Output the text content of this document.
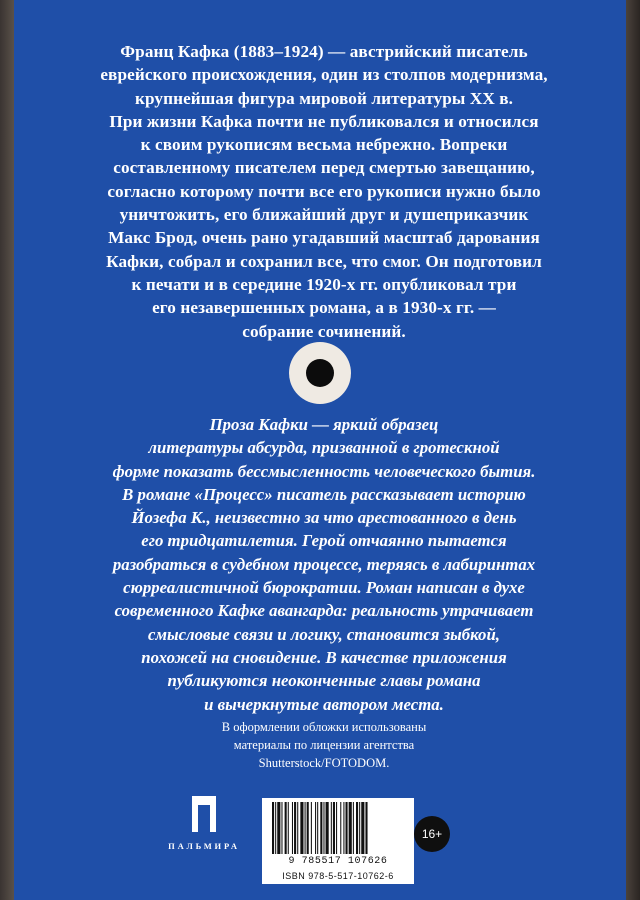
Франц Кафка (1883–1924) — австрийский писатель
еврейского происхождения, один из столпов модернизма,
крупнейшая фигура мировой литературы XX в.
При жизни Кафка почти не публиковался и относился
к своим рукописям весьма небрежно. Вопреки
составленному писателем перед смертью завещанию,
согласно которому почти все его рукописи нужно было
уничтожить, его ближайший друг и душеприказчик
Макс Брод, очень рано угадавший масштаб дарования
Кафки, собрал и сохранил все, что смог. Он подготовил
к печати и в середине 1920-х гг. опубликовал три
его незавершенных романа, а в 1930-х гг. —
собрание сочинений.

Проза Кафки — яркий образец
литературы абсурда, призванной в гротескной
форме показать бессмысленность человеческого бытия.
В романе «Процесс» писатель рассказывает историю
Йозефа К., неизвестно за что арестованного в день
его тридцатилетия. Герой отчаянно пытается
разобраться в судебном процессе, теряясь в лабиринтах
сюрреалистичной бюрократии. Роман написан в духе
современного Кафке авангарда: реальность утрачивает
смысловые связи и логику, становится зыбкой,
похожей на сновидение. В качестве приложения
публикуются неоконченные главы романа
и вычеркнутые автором места.

В оформлении обложки использованы
материалы по лицензии агентства
Shutterstock/FOTODOM.
ПАЛЬМИРА
9 785517 107626
ISBN 978-5-517-10762-6
16+
